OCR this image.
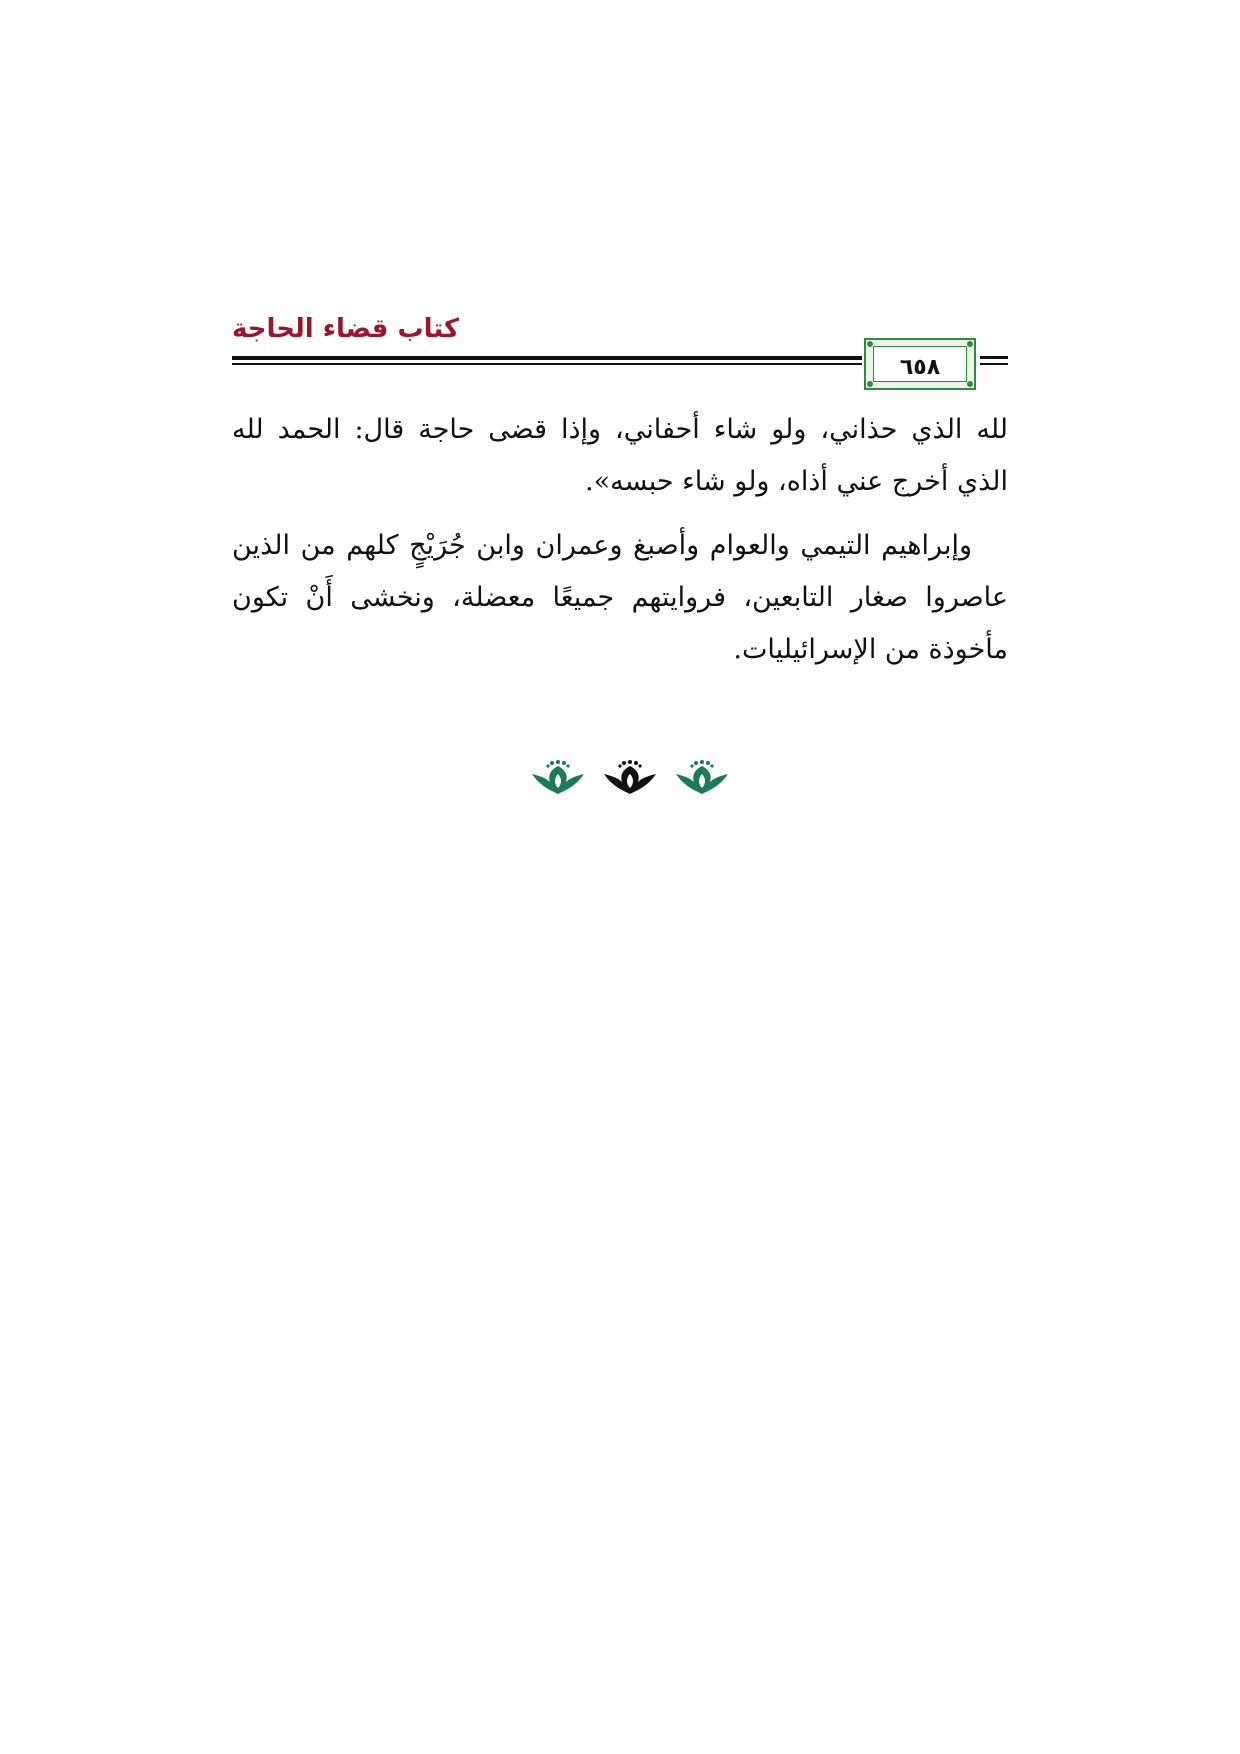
كتاب قضاء الحاجة
٦٥٨

لله الذي حذاني، ولو شاء أحفاني، وإذا قضى حاجة قال: الحمد لله الذي أخرج عني أذاه، ولو شاء حبسه».

وإبراهيم التيمي والعوام وأصبغ وعمران وابن جُرَيْجٍ كلهم من الذين عاصروا صغار التابعين، فروايتهم جميعًا معضلة، ونخشى أَنْ تكون مأخوذة من الإسرائيليات.
